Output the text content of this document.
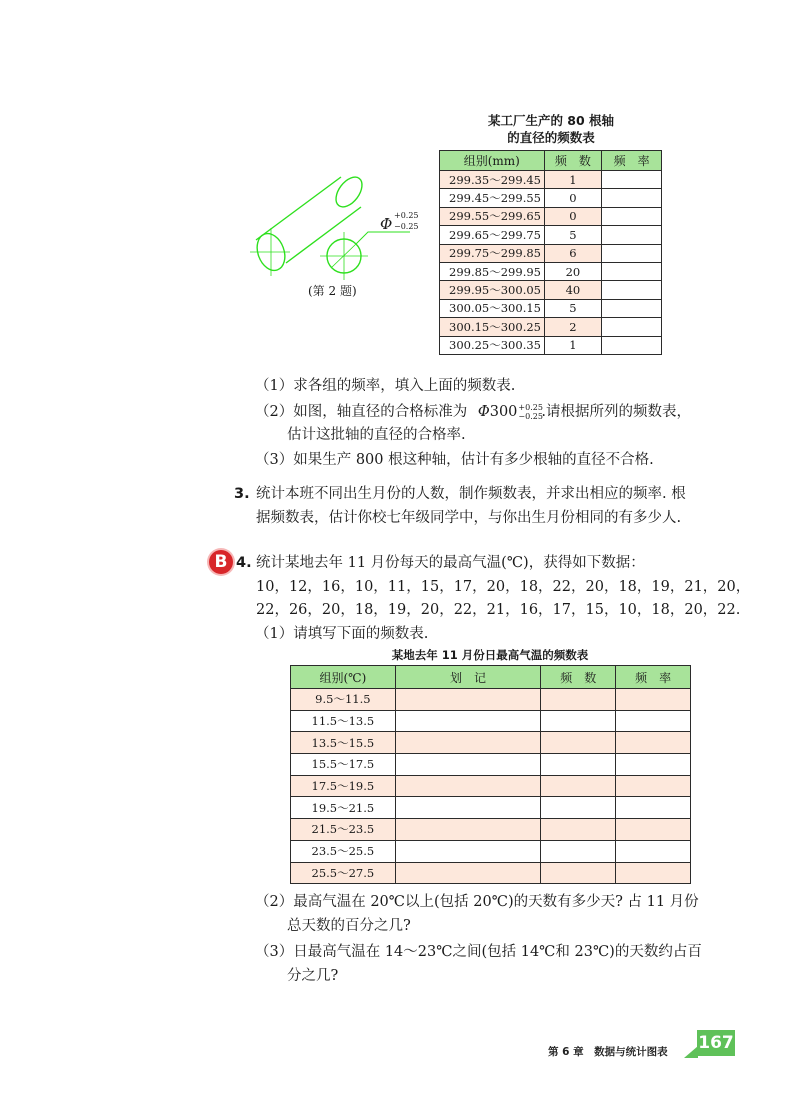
某工厂生产的 80 根轴
的直径的频数表
组别(mm)	频　数	频　率
299.35～299.45	1	
299.45～299.55	0	
299.55～299.65	0	
299.65～299.75	5	
299.75～299.85	6	
299.85～299.95	20	
299.95～300.05	40	
300.05～300.15	5	
300.15～300.25	2	
300.25～300.35	1	
Φ +0.25
−0.25
(第 2 题)
（1）求各组的频率，填入上面的频数表.
（2）如图，轴直径的合格标准为 Φ300 +0.25
−0.25
.请根据所列的频数表，
估计这批轴的直径的合格率.
（3）如果生产 800 根这种轴，估计有多少根轴的直径不合格.
3. 统计本班不同出生月份的人数，制作频数表，并求出相应的频率. 根
据频数表，估计你校七年级同学中，与你出生月份相同的有多少人.
B 4. 统计某地去年 11 月份每天的最高气温(℃)，获得如下数据：
10，12，16，10，11，15，17，20，18，22，20，18，19，21，20，
22，26，20，18，19，20，22，21，16，17，15，10，18，20，22.
（1）请填写下面的频数表.
某地去年 11 月份日最高气温的频数表
组别(℃)	划　记	频　数	频　率
9.5～11.5			
11.5～13.5			
13.5～15.5			
15.5～17.5			
17.5～19.5			
19.5～21.5			
21.5～23.5			
23.5～25.5			
25.5～27.5			
（2）最高气温在 20℃以上(包括 20℃)的天数有多少天? 占 11 月份
总天数的百分之几?
（3）日最高气温在 14～23℃之间(包括 14℃和 23℃)的天数约占百
分之几?
第 6 章　数据与统计图表 167
